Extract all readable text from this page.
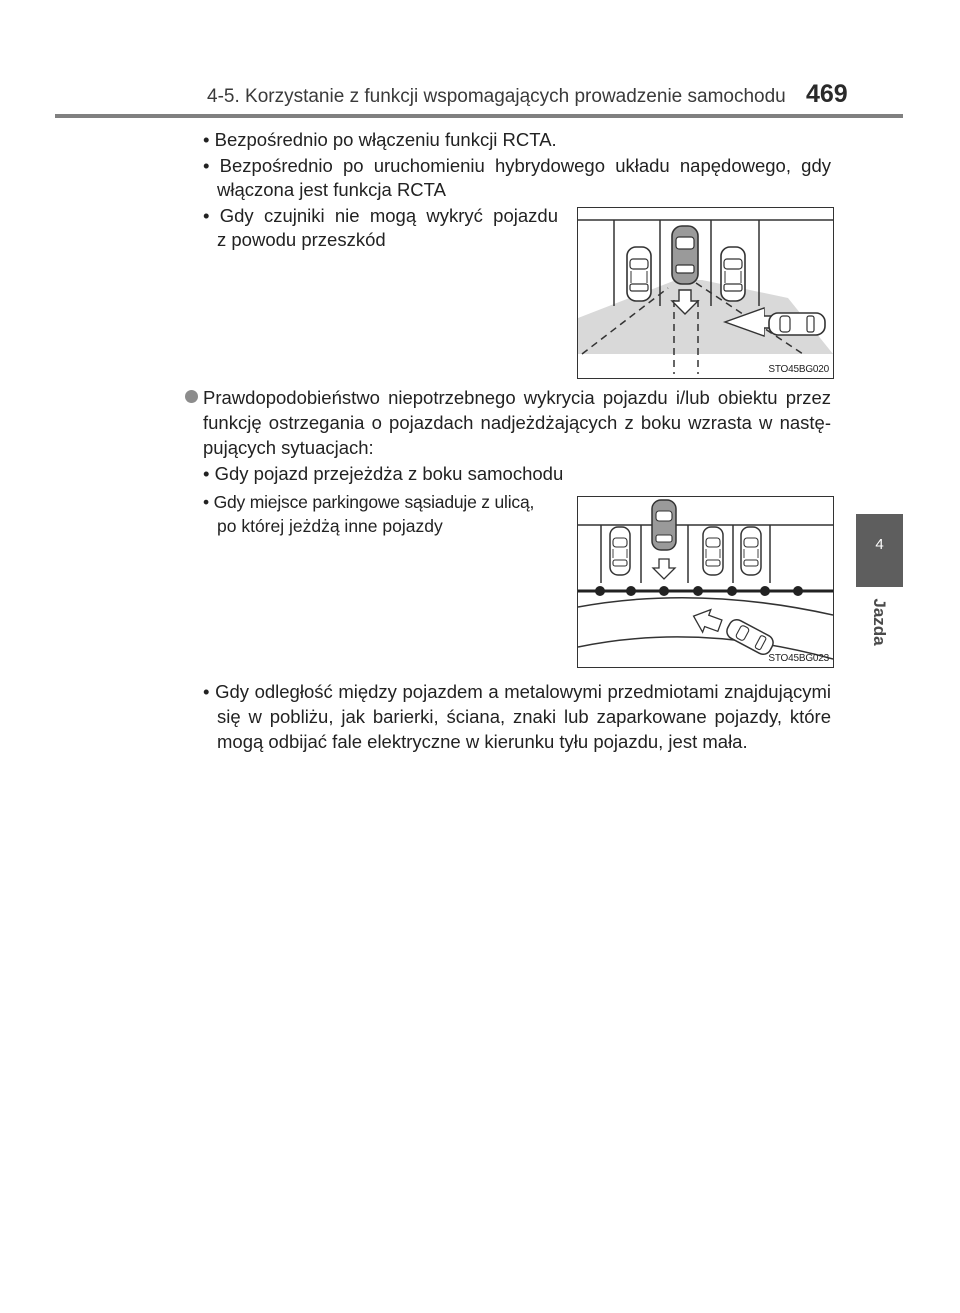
4-5. Korzystanie z funkcji wspomagających prowadzenie samochodu 469
4
Jazda
• Bezpośrednio po włączeniu funkcji RCTA.
• Bezpośrednio po uruchomieniu hybrydowego układu napędowego, gdy
włączona jest funkcja RCTA
• Gdy czujniki nie mogą wykryć pojazdu
z powodu przeszkód
Prawdopodobieństwo niepotrzebnego wykrycia pojazdu i/lub obiektu przez
funkcję ostrzegania o pojazdach nadjeżdżających z boku wzrasta w nastę-
pujących sytuacjach:
• Gdy pojazd przejeżdża z boku samochodu
• Gdy miejsce parkingowe sąsiaduje z ulicą,
po której jeżdżą inne pojazdy
• Gdy odległość między pojazdem a metalowymi przedmiotami znajdującymi
się w pobliżu, jak barierki, ściana, znaki lub zaparkowane pojazdy, które
mogą odbijać fale elektryczne w kierunku tyłu pojazdu, jest mała.
STO45BG020
STO45BG023
